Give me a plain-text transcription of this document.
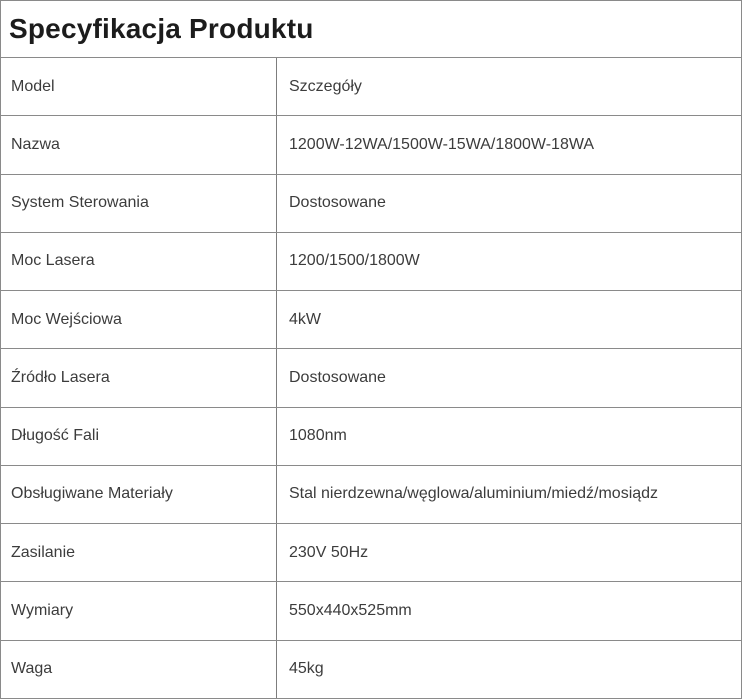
Specyfikacja Produktu
Model	Szczegóły
Nazwa	1200W-12WA/1500W-15WA/1800W-18WA
System Sterowania	Dostosowane
Moc Lasera	1200/1500/1800W
Moc Wejściowa	4kW
Źródło Lasera	Dostosowane
Długość Fali	1080nm
Obsługiwane Materiały	Stal nierdzewna/węglowa/aluminium/miedź/mosiądz
Zasilanie	230V 50Hz
Wymiary	550x440x525mm
Waga	45kg
